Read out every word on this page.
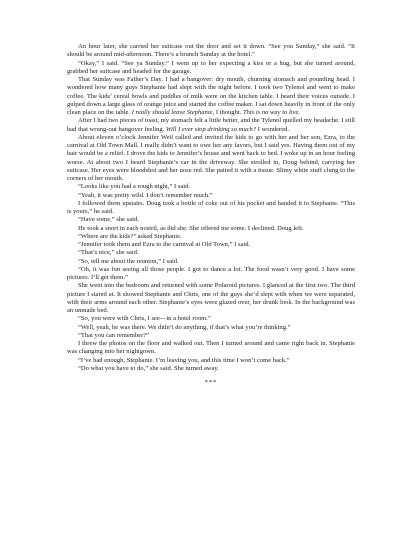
An hour later, she carried her suitcase out the door and set it down. “See you Sunday,” she said. “It should be around mid-afternoon. There’s a brunch Sunday at the hotel.”

“Okay,” I said. “See ya Sunday.” I went up to her expecting a kiss or a hug, but she turned around, grabbed her suitcase and headed for the garage.

That Sunday was Father’s Day. I had a hangover: dry mouth, churning stomach and pounding head. I wondered how many guys Stephanie had slept with the night before. I took two Tylenol and went to make coffee. The kids’ cereal bowls and puddles of milk were on the kitchen table. I heard their voices outside. I gulped down a large glass of orange juice and started the coffee maker. I sat down heavily in front of the only clean place on the table. I really should leave Stephanie, I thought. This is no way to live.

After I had two pieces of toast, my stomach felt a little better, and the Tylenol quelled my headache. I still had that wrung-out hangover feeling. Will I ever stop drinking so much? I wondered.

About eleven o’clock Jennifer Weil called and invited the kids to go with her and her son, Ezra, to the carnival at Old Town Mall. I really didn’t want to owe her any favors, but I said yes. Having them out of my hair would be a relief. I drove the kids to Jennifer’s house and went back to bed. I woke up in an hour feeling worse. At about two I heard Stephanie’s car in the driveway. She strolled in, Doug behind, carrying her suitcase. Her eyes were bloodshot and her nose red. She patted it with a tissue. Slimy white stuff clung to the corners of her mouth.

“Looks like you had a rough night,” I said.

“Yeah, it was pretty wild. I don’t remember much.”

I followed them upstairs. Doug took a bottle of coke out of his pocket and handed it to Stephanie. “This is yours,” he said.

“Have some,” she said.

He took a snort in each nostril, as did she. She offered me some. I declined. Doug left.

“Where are the kids?” asked Stephanie.

“Jennifer took them and Ezra to the carnival at Old Town,” I said.

“That’s nice,” she said.

“So, tell me about the reunion,” I said.

“Oh, it was fun seeing all those people. I got to dance a lot. The food wasn’t very good. I have some pictures. I’ll get them.”

She went into the bedroom and returned with some Polaroid pictures. I glanced at the first two. The third picture I stared at. It showed Stephanie and Chris, one of the guys she’d slept with when we were separated, with their arms around each other. Stephanie’s eyes were glazed over, her drunk look. In the background was an unmade bed.

“So, you were with Chris, I see—in a hotel room.”

“Well, yeah, he was there. We didn’t do anything, if that’s what you’re thinking.”

“That you can remember?”

I threw the photos on the floor and walked out. Then I turned around and came right back in. Stephanie was changing into her nightgown.

“I’ve had enough, Stephanie. I’m leaving you, and this time I won’t come back.”

“Do what you have to do,” she said. She turned away.

***
